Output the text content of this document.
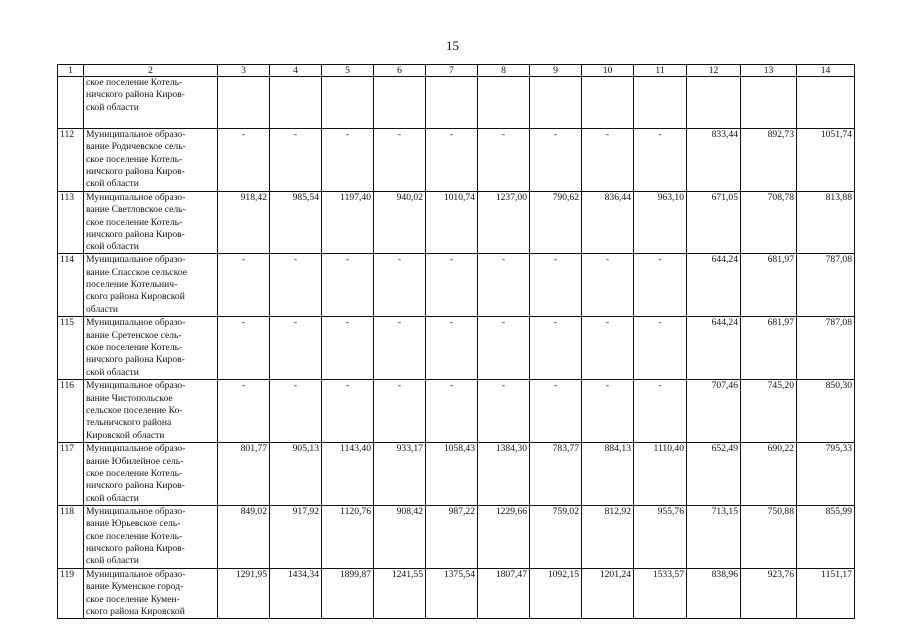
15
1	2	3	4	5	6	7	8	9	10	11	12	13	14
	ское поселение Котель-
ничского района Киров-
ской области												
112	Муниципальное образо-
вание Родичевское сель-
ское поселение Котель-
ничского района Киров-
ской области	-	-	-	-	-	-	-	-	-	833,44	892,73	1051,74
113	Муниципальное образо-
вание Светловское сель-
ское поселение Котель-
ничского района Киров-
ской области	918,42	985,54	1197,40	940,02	1010,74	1237,00	790,62	836,44	963,10	671,05	708,78	813,88
114	Муниципальное образо-
вание Спасское сельское
поселение Котельнич-
ского района Кировской
области	-	-	-	-	-	-	-	-	-	644,24	681,97	787,08
115	Муниципальное образо-
вание Сретенское сель-
ское поселение Котель-
ничского района Киров-
ской области	-	-	-	-	-	-	-	-	-	644,24	681,97	787,08
116	Муниципальное образо-
вание Чистопольское
сельское поселение Ко-
тельничского района
Кировской области	-	-	-	-	-	-	-	-	-	707,46	745,20	850,30
117	Муниципальное образо-
вание Юбилейное сель-
ское поселение Котель-
ничского района Киров-
ской области	801,77	905,13	1143,40	933,17	1058,43	1384,30	783,77	884,13	1110,40	652,49	690,22	795,33
118	Муниципальное образо-
вание Юрьевское сель-
ское поселение Котель-
ничского района Киров-
ской области	849,02	917,92	1120,76	908,42	987,22	1229,66	759,02	812,92	955,76	713,15	750,88	855,99
119	Муниципальное образо-
вание Куменское город-
ское поселение Кумен-
ского района Кировской	1291,95	1434,34	1899,87	1241,55	1375,54	1807,47	1092,15	1201,24	1533,57	838,96	923,76	1151,17
